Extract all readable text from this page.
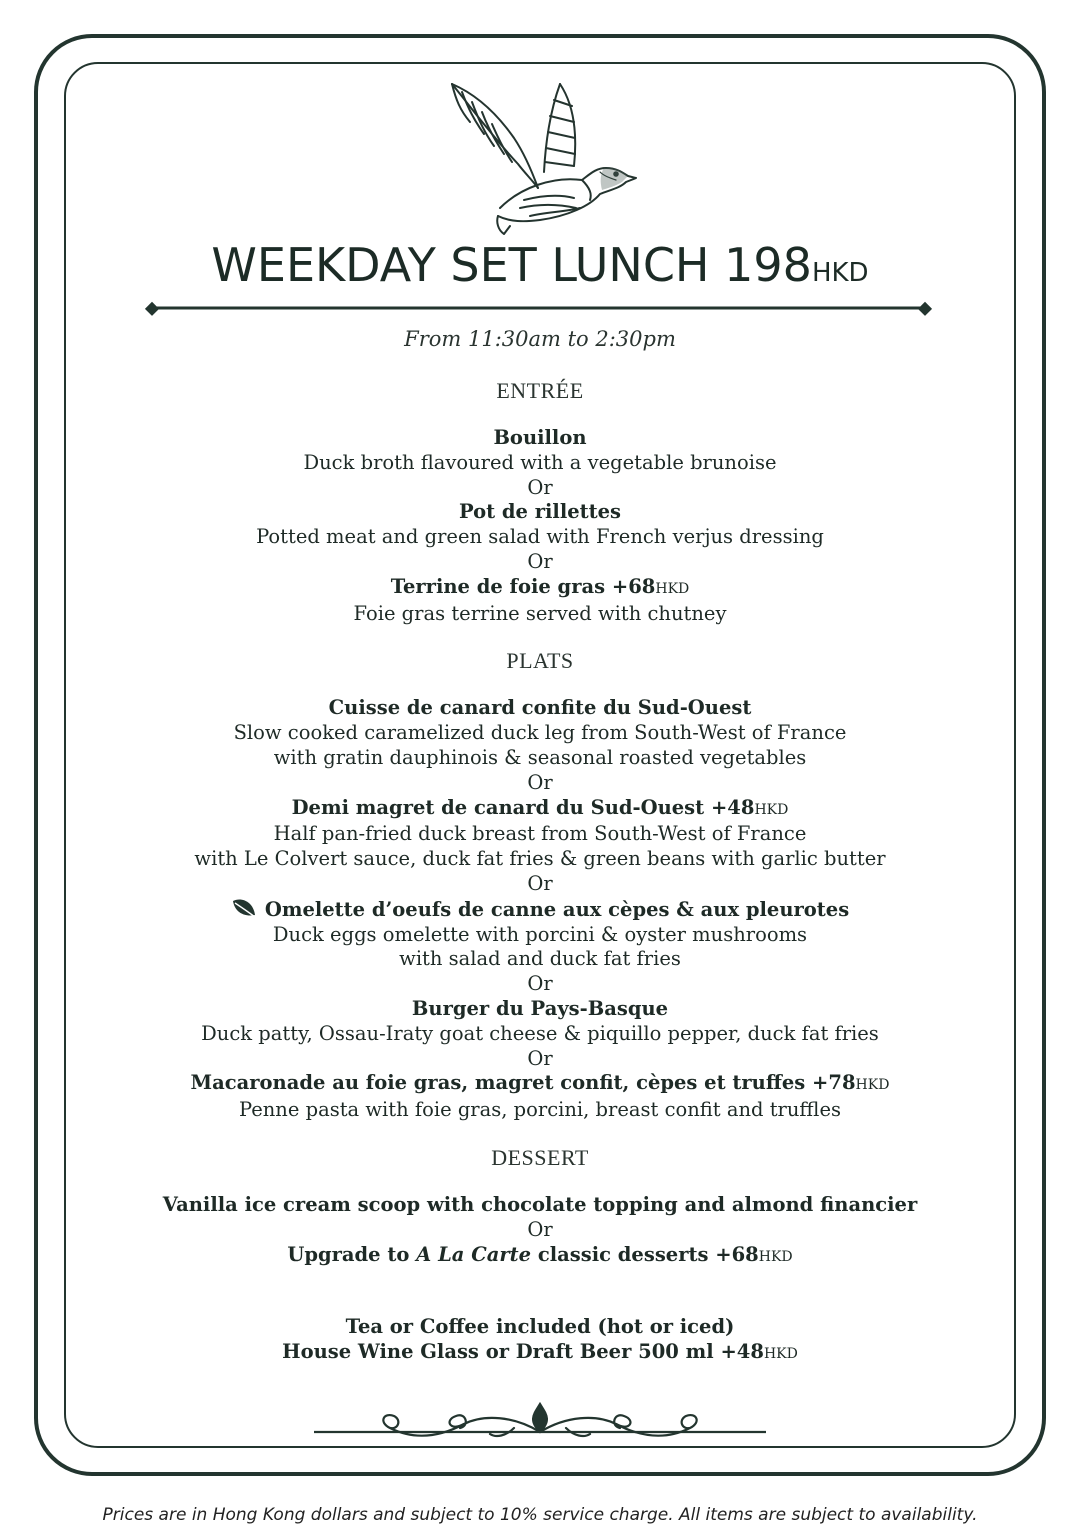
WEEKDAY SET LUNCH 198HKD
From 11:30am to 2:30pm
ENTRÉE
Bouillon
Duck broth flavoured with a vegetable brunoise
Or
Pot de rillettes
Potted meat and green salad with French verjus dressing
Or
Terrine de foie gras +68HKD
Foie gras terrine served with chutney
PLATS
Cuisse de canard confite du Sud-Ouest
Slow cooked caramelized duck leg from South-West of France
with gratin dauphinois & seasonal roasted vegetables
Or
Demi magret de canard du Sud-Ouest +48HKD
Half pan-fried duck breast from South-West of France
with Le Colvert sauce, duck fat fries & green beans with garlic butter
Or
Omelette d’oeufs de canne aux cèpes & aux pleurotes
Duck eggs omelette with porcini & oyster mushrooms
with salad and duck fat fries
Or
Burger du Pays-Basque
Duck patty, Ossau-Iraty goat cheese & piquillo pepper, duck fat fries
Or
Macaronade au foie gras, magret confit, cèpes et truffes +78HKD
Penne pasta with foie gras, porcini, breast confit and truffles
DESSERT
Vanilla ice cream scoop with chocolate topping and almond financier
Or
Upgrade to A La Carte classic desserts +68HKD
Tea or Coffee included (hot or iced)
House Wine Glass or Draft Beer 500 ml +48HKD
Prices are in Hong Kong dollars and subject to 10% service charge. All items are subject to availability.
